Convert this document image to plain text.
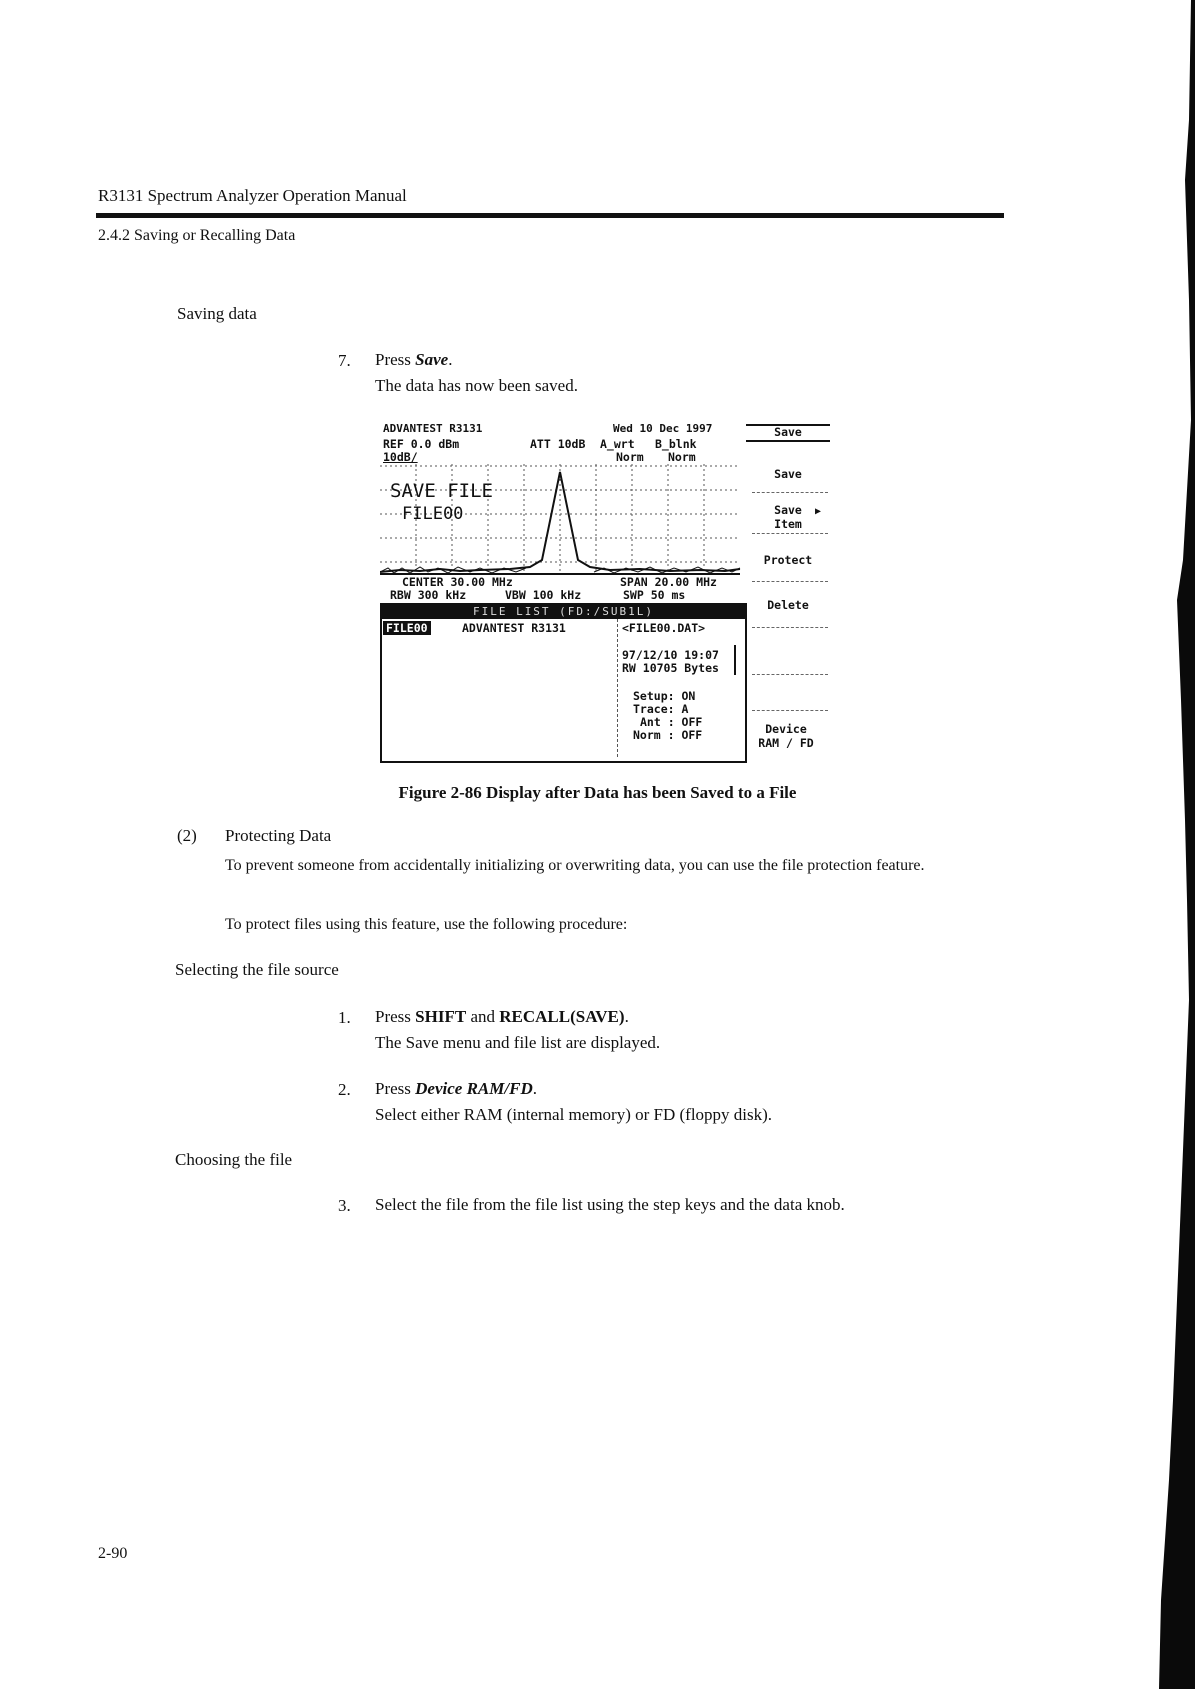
R3131 Spectrum Analyzer Operation Manual
2.4.2 Saving or Recalling Data
Saving data
7. Press Save.
The data has now been saved.
ADVANTEST R3131	Wed 10 Dec 1997
REF 0.0 dBm	ATT 10dB A_wrt B_blnk
10dB/	Norm Norm
SAVE FILE
FILE00
CENTER 30.00 MHz	SPAN 20.00 MHz
RBW 300 kHz	VBW 100 kHz	SWP 50 ms
FILE LIST (FD:/SUB1L)
FILE00	ADVANTEST R3131	<FILE00.DAT>
97/12/10 19:07
RW 10705 Bytes
Setup: ON
Trace: A
Ant : OFF
Norm : OFF
Save
Save
Save
Item
▶
Protect
Delete
Device
RAM / FD
Figure 2-86 Display after Data has been Saved to a File
(2) Protecting Data
To prevent someone from accidentally initializing or overwriting data, you can use the file protection feature.
To protect files using this feature, use the following procedure:
Selecting the file source
1. Press SHIFT and RECALL(SAVE).
The Save menu and file list are displayed.
2. Press Device RAM/FD.
Select either RAM (internal memory) or FD (floppy disk).
Choosing the file
3. Select the file from the file list using the step keys and the data knob.
2-90
